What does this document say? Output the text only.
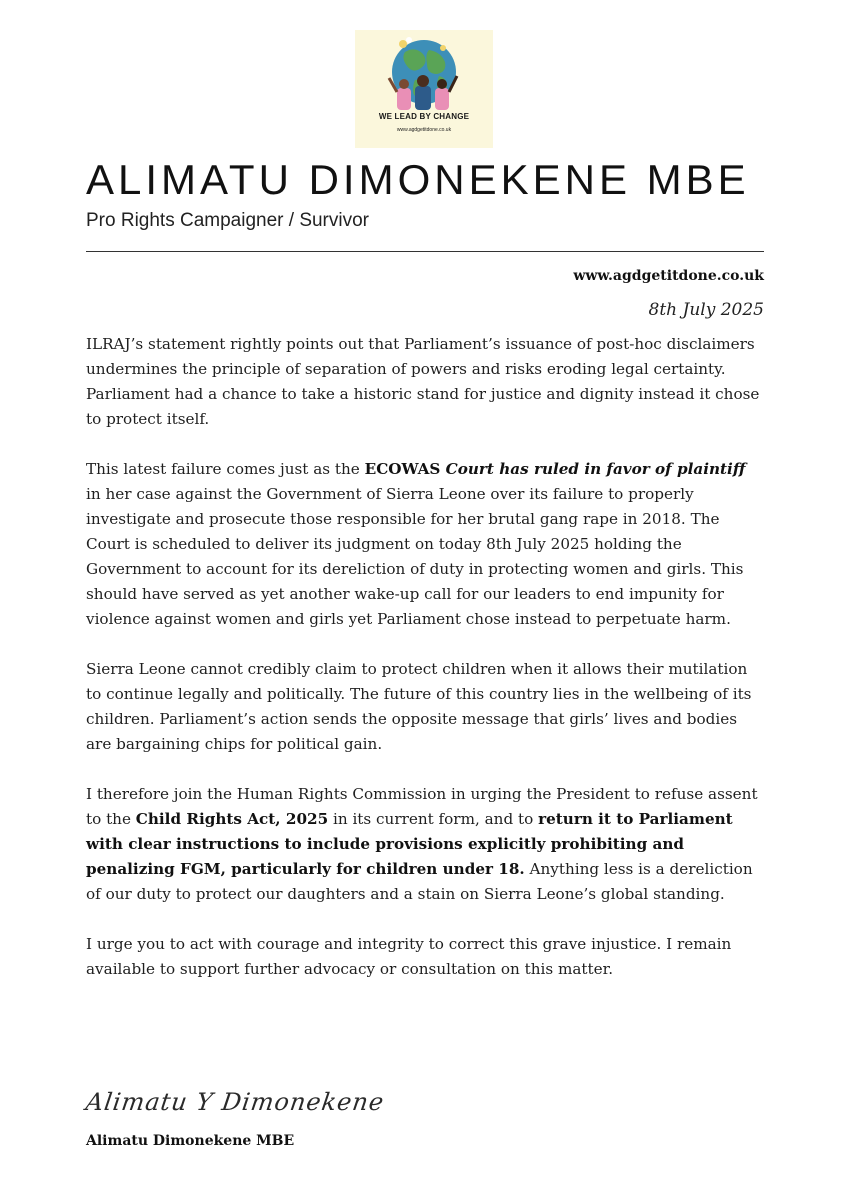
WE LEAD BY CHANGE
www.agdgetitdone.co.uk
ALIMATU DIMONEKENE MBE
Pro Rights Campaigner / Survivor
www.agdgetitdone.co.uk
8th July 2025

ILRAJ’s statement rightly points out that Parliament’s issuance of post-hoc disclaimers undermines the principle of separation of powers and risks eroding legal certainty. Parliament had a chance to take a historic stand for justice and dignity instead it chose to protect itself.

This latest failure comes just as the ECOWAS Court has ruled in favor of plaintiff in her case against the Government of Sierra Leone over its failure to properly investigate and prosecute those responsible for her brutal gang rape in 2018. The Court is scheduled to deliver its judgment on today 8th July 2025 holding the Government to account for its dereliction of duty in protecting women and girls. This should have served as yet another wake-up call for our leaders to end impunity for violence against women and girls yet Parliament chose instead to perpetuate harm.

Sierra Leone cannot credibly claim to protect children when it allows their mutilation to continue legally and politically. The future of this country lies in the wellbeing of its children. Parliament’s action sends the opposite message that girls’ lives and bodies are bargaining chips for political gain.

I therefore join the Human Rights Commission in urging the President to refuse assent to the Child Rights Act, 2025 in its current form, and to return it to Parliament with clear instructions to include provisions explicitly prohibiting and penalizing FGM, particularly for children under 18. Anything less is a dereliction of our duty to protect our daughters and a stain on Sierra Leone’s global standing.

I urge you to act with courage and integrity to correct this grave injustice. I remain available to support further advocacy or consultation on this matter.

Alimatu Y Dimonekene
Alimatu Dimonekene MBE
